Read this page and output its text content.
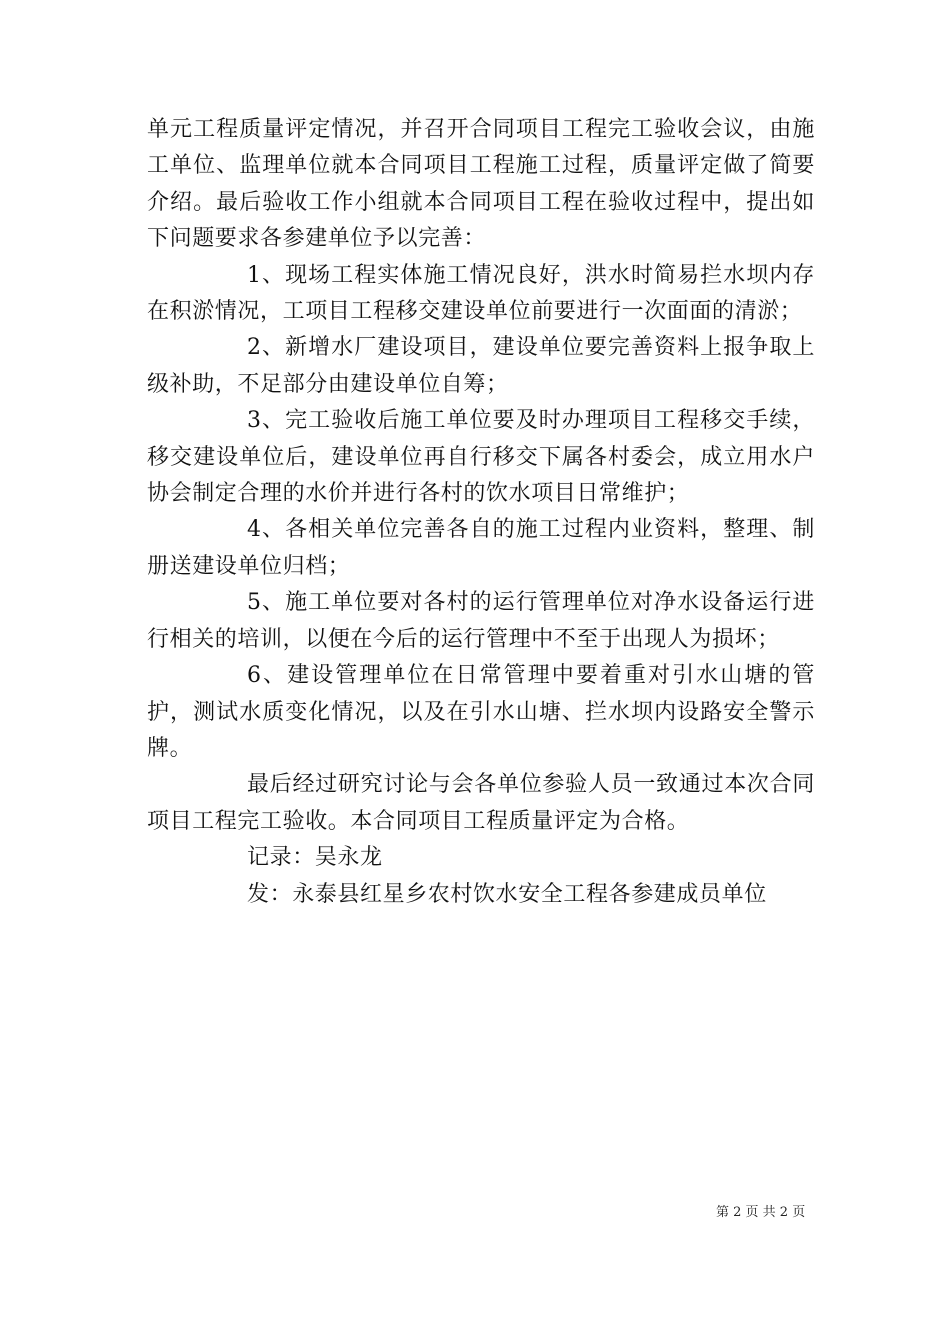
单元工程质量评定情况，并召开合同项目工程完工验收会议，由施工单位、监理单位就本合同项目工程施工过程，质量评定做了简要介绍。最后验收工作小组就本合同项目工程在验收过程中，提出如下问题要求各参建单位予以完善：

1、现场工程实体施工情况良好，洪水时简易拦水坝内存在积淤情况，工项目工程移交建设单位前要进行一次面面的清淤；

2、新增水厂建设项目，建设单位要完善资料上报争取上级补助，不足部分由建设单位自筹；

3、完工验收后施工单位要及时办理项目工程移交手续，移交建设单位后，建设单位再自行移交下属各村委会，成立用水户协会制定合理的水价并进行各村的饮水项目日常维护；

4、各相关单位完善各自的施工过程内业资料，整理、制册送建设单位归档；

5、施工单位要对各村的运行管理单位对净水设备运行进行相关的培训，以便在今后的运行管理中不至于出现人为损坏；

6、建设管理单位在日常管理中要着重对引水山塘的管护，测试水质变化情况，以及在引水山塘、拦水坝内设路安全警示牌。

最后经过研究讨论与会各单位参验人员一致通过本次合同项目工程完工验收。本合同项目工程质量评定为合格。

记录：吴永龙

发：永泰县红星乡农村饮水安全工程各参建成员单位

第 2 页 共 2 页
